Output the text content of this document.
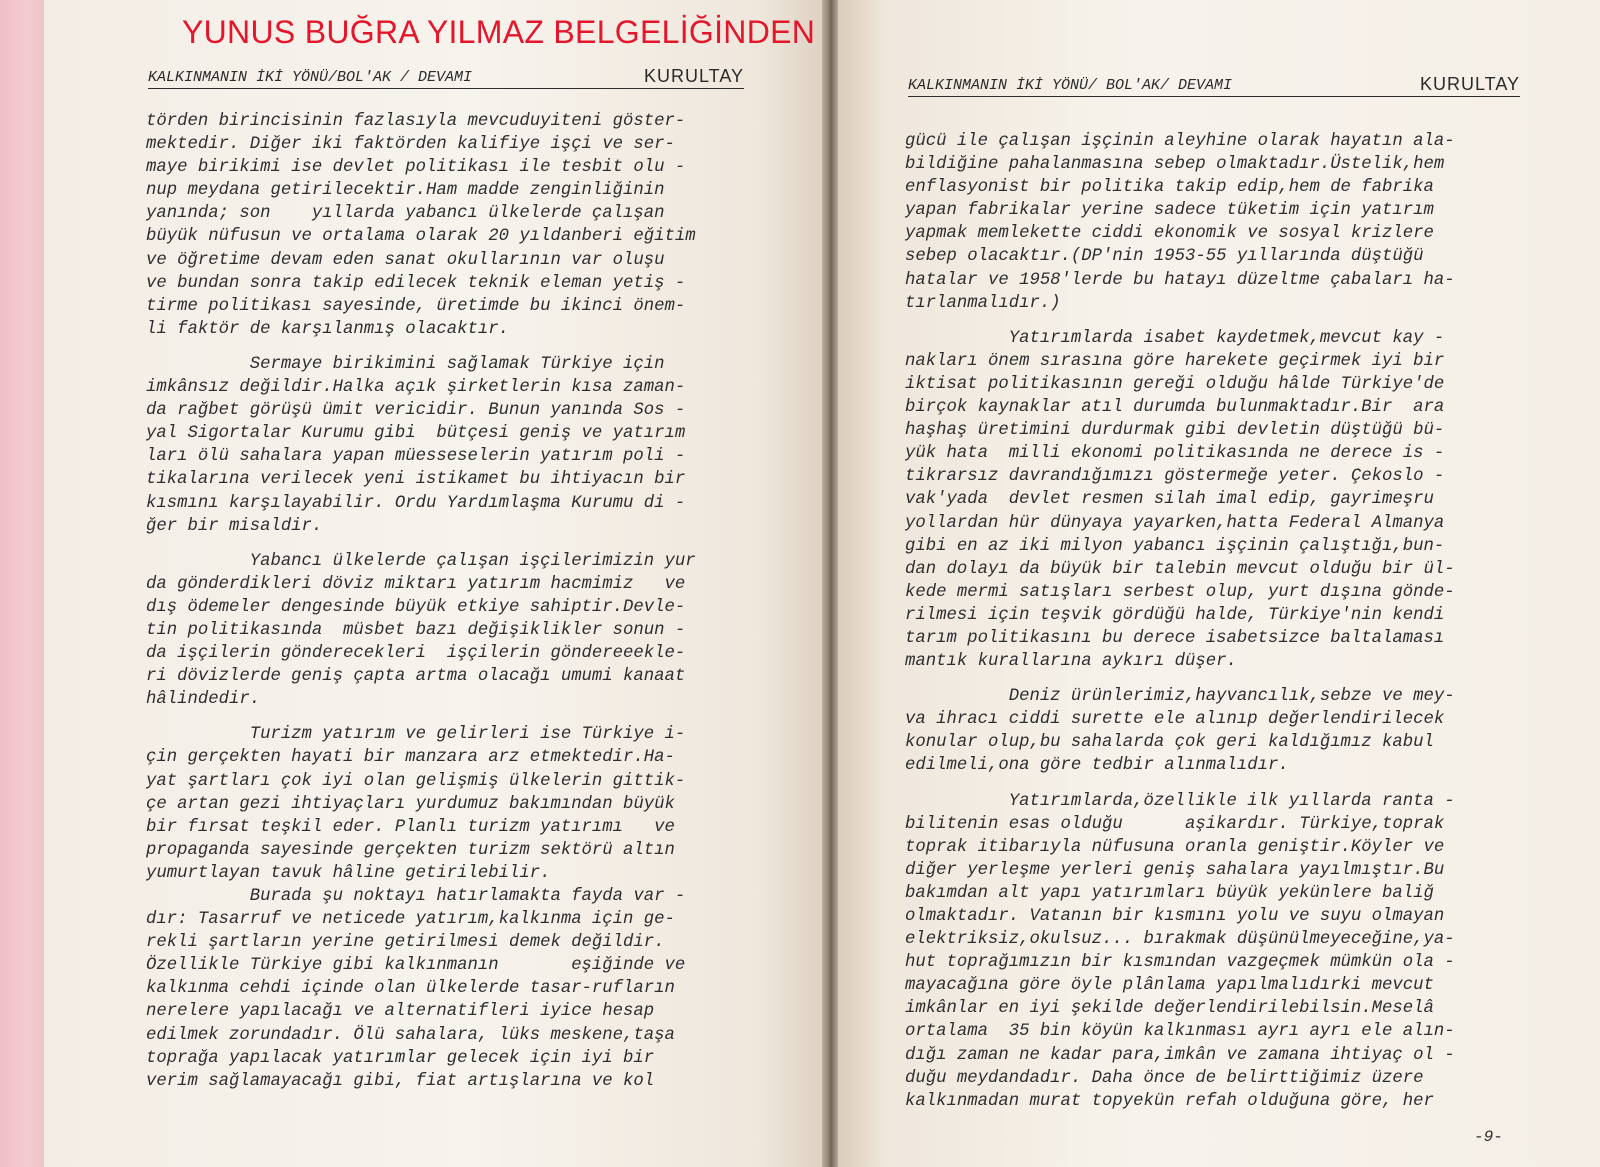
YUNUS BUĞRA YILMAZ BELGELİĞİNDEN
KALKINMANIN İKİ YÖNÜ/BOL'AK / DEVAMI	KURULTAY	KALKINMANIN İKİ YÖNÜ/ BOL'AK/ DEVAMI	KURULTAY
törden birincisinin fazlasıyla mevcuduyiteni göster-
mektedir. Diğer iki faktörden kalifiye işçi ve ser-
maye birikimi ise devlet politikası ile tesbit olu -
nup meydana getirilecektir.Ham madde zenginliğinin
yanında; son    yıllarda yabancı ülkelerde çalışan
büyük nüfusun ve ortalama olarak 20 yıldanberi eğitim
ve öğretime devam eden sanat okullarının var oluşu
ve bundan sonra takip edilecek teknik eleman yetiş -
tirme politikası sayesinde, üretimde bu ikinci önem-
li faktör de karşılanmış olacaktır.
Sermaye birikimini sağlamak Türkiye için
imkânsız değildir.Halka açık şirketlerin kısa zaman-
da rağbet görüşü ümit vericidir. Bunun yanında Sos -
yal Sigortalar Kurumu gibi  bütçesi geniş ve yatırım
ları ölü sahalara yapan müesseselerin yatırım poli -
tikalarına verilecek yeni istikamet bu ihtiyacın bir
kısmını karşılayabilir. Ordu Yardımlaşma Kurumu di -
ğer bir misaldir.
Yabancı ülkelerde çalışan işçilerimizin yur
da gönderdikleri döviz miktarı yatırım hacmimiz   ve
dış ödemeler dengesinde büyük etkiye sahiptir.Devle-
tin politikasında  müsbet bazı değişiklikler sonun -
da işçilerin gönderecekleri  işçilerin göndereeekle-
ri dövizlerde geniş çapta artma olacağı umumi kanaat
hâlindedir.
Turizm yatırım ve gelirleri ise Türkiye i-
çin gerçekten hayati bir manzara arz etmektedir.Ha-
yat şartları çok iyi olan gelişmiş ülkelerin gittik-
çe artan gezi ihtiyaçları yurdumuz bakımından büyük
bir fırsat teşkil eder. Planlı turizm yatırımı   ve
propaganda sayesinde gerçekten turizm sektörü altın
yumurtlayan tavuk hâline getirilebilir.
Burada şu noktayı hatırlamakta fayda var -
dır: Tasarruf ve neticede yatırım,kalkınma için ge-
rekli şartların yerine getirilmesi demek değildir.
Özellikle Türkiye gibi kalkınmanın       eşiğinde ve
kalkınma cehdi içinde olan ülkelerde tasar-rufların
nerelere yapılacağı ve alternatifleri iyice hesap
edilmek zorundadır. Ölü sahalara, lüks meskene,taşa
toprağa yapılacak yatırımlar gelecek için iyi bir
verim sağlamayacağı gibi, fiat artışlarına ve kol
gücü ile çalışan işçinin aleyhine olarak hayatın ala-
bildiğine pahalanmasına sebep olmaktadır.Üstelik,hem
enflasyonist bir politika takip edip,hem de fabrika
yapan fabrikalar yerine sadece tüketim için yatırım
yapmak memlekette ciddi ekonomik ve sosyal krizlere
sebep olacaktır.(DP'nin 1953-55 yıllarında düştüğü
hatalar ve 1958'lerde bu hatayı düzeltme çabaları ha-
tırlanmalıdır.)
Yatırımlarda isabet kaydetmek,mevcut kay -
nakları önem sırasına göre harekete geçirmek iyi bir
iktisat politikasının gereği olduğu hâlde Türkiye'de
birçok kaynaklar atıl durumda bulunmaktadır.Bir  ara
haşhaş üretimini durdurmak gibi devletin düştüğü bü-
yük hata  milli ekonomi politikasında ne derece is -
tikrarsız davrandığımızı göstermeğe yeter. Çekoslo -
vak'yada  devlet resmen silah imal edip, gayrimeşru
yollardan hür dünyaya yayarken,hatta Federal Almanya
gibi en az iki milyon yabancı işçinin çalıştığı,bun-
dan dolayı da büyük bir talebin mevcut olduğu bir ül-
kede mermi satışları serbest olup, yurt dışına gönde-
rilmesi için teşvik gördüğü halde, Türkiye'nin kendi
tarım politikasını bu derece isabetsizce baltalaması
mantık kurallarına aykırı düşer.
Deniz ürünlerimiz,hayvancılık,sebze ve mey-
va ihracı ciddi surette ele alınıp değerlendirilecek
konular olup,bu sahalarda çok geri kaldığımız kabul
edilmeli,ona göre tedbir alınmalıdır.
Yatırımlarda,özellikle ilk yıllarda ranta -
bilitenin esas olduğu      aşikardır. Türkiye,toprak
toprak itibarıyla nüfusuna oranla geniştir.Köyler ve
diğer yerleşme yerleri geniş sahalara yayılmıştır.Bu
bakımdan alt yapı yatırımları büyük yekünlere baliğ
olmaktadır. Vatanın bir kısmını yolu ve suyu olmayan
elektriksiz,okulsuz... bırakmak düşünülmeyeceğine,ya-
hut toprağımızın bir kısmından vazgeçmek mümkün ola -
mayacağına göre öyle plânlama yapılmalıdırki mevcut
imkânlar en iyi şekilde değerlendirilebilsin.Meselâ
ortalama  35 bin köyün kalkınması ayrı ayrı ele alın-
dığı zaman ne kadar para,imkân ve zamana ihtiyaç ol -
duğu meydandadır. Daha önce de belirttiğimiz üzere
kalkınmadan murat topyekün refah olduğuna göre, her
-9-
